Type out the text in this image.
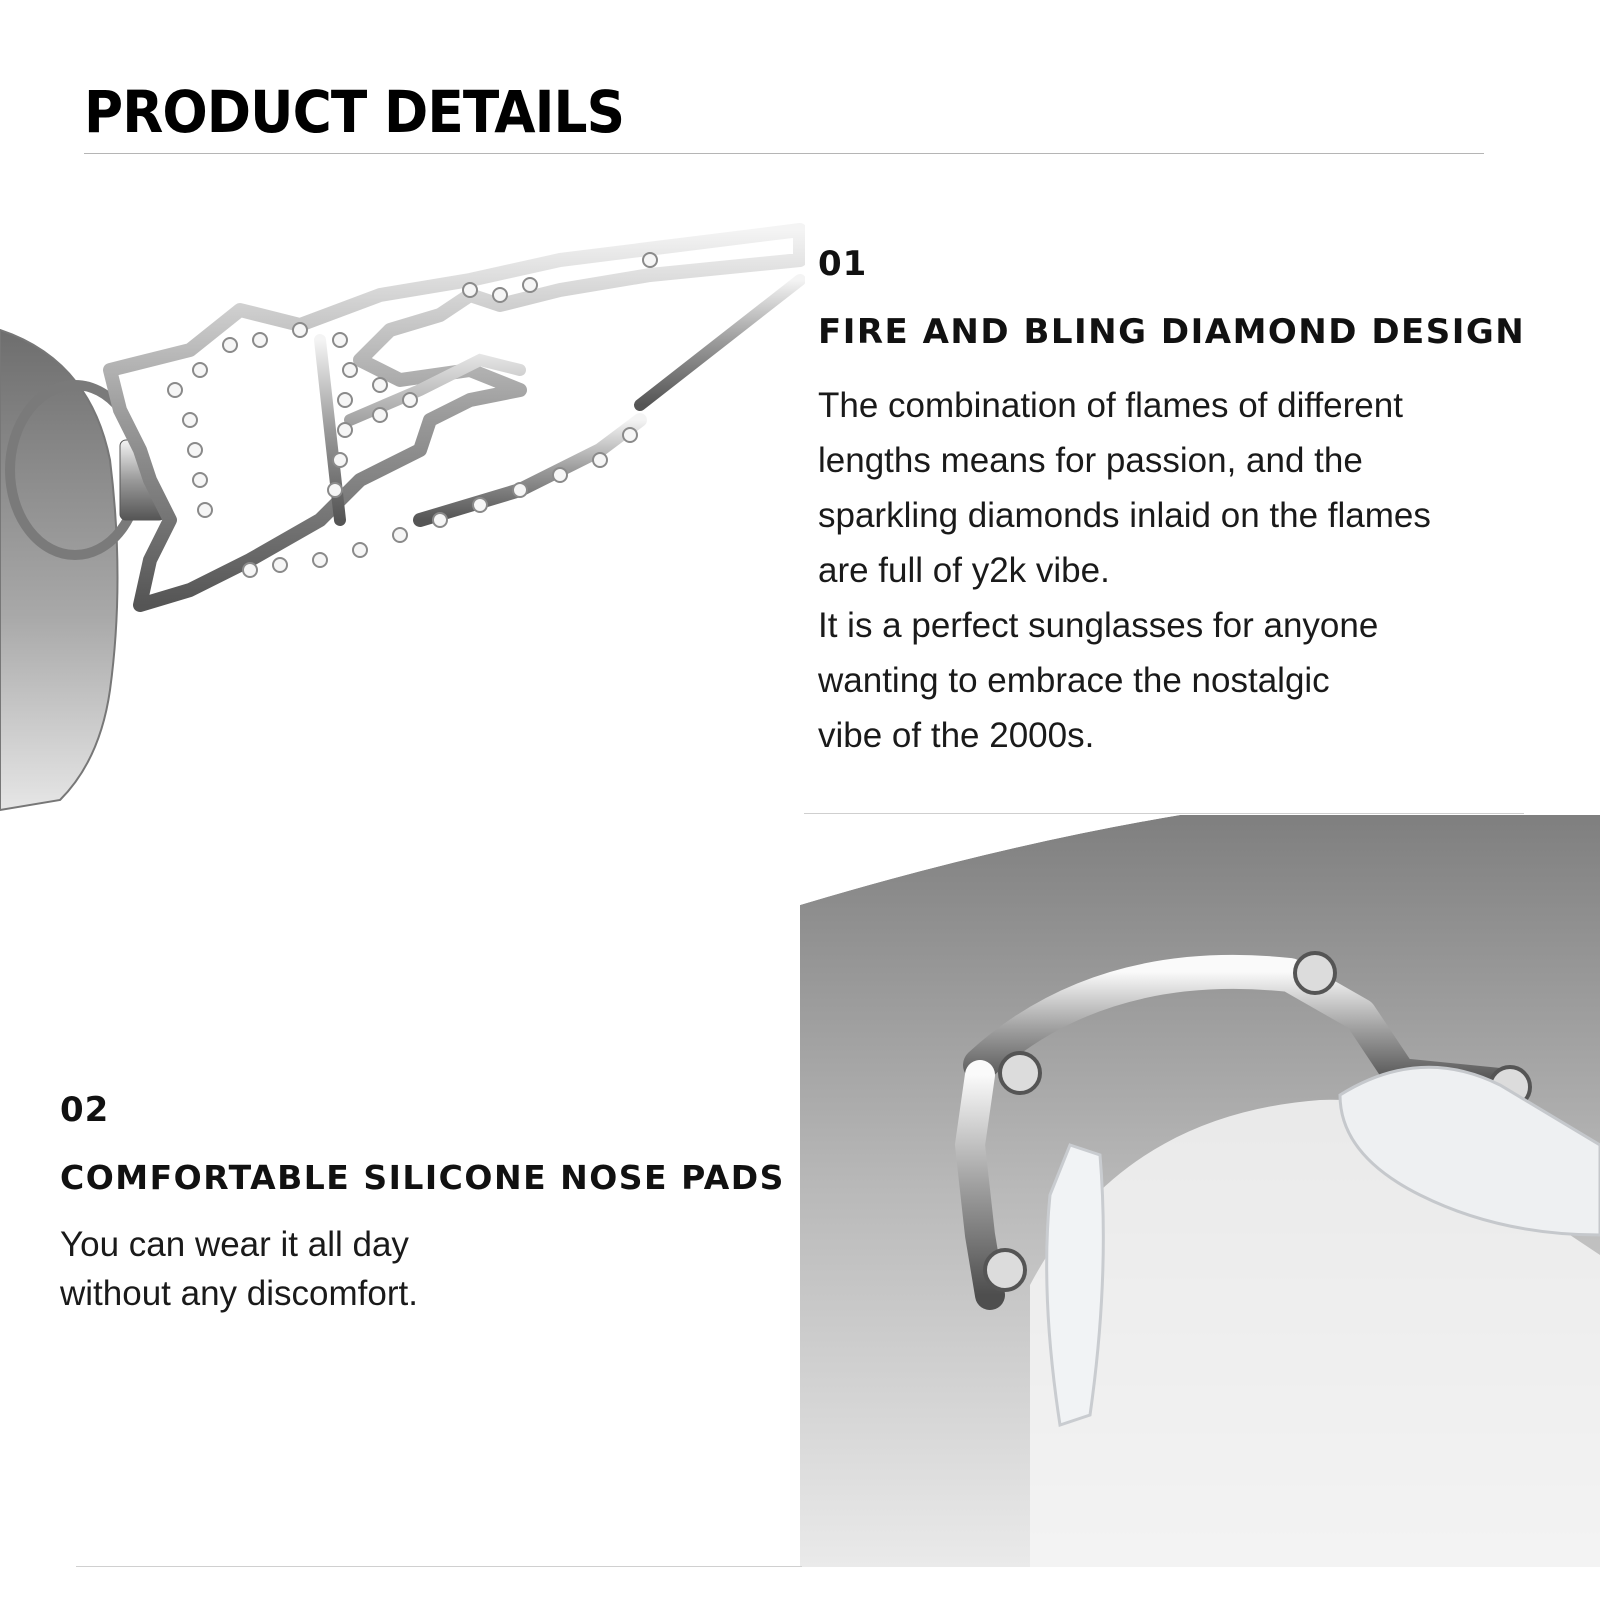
PRODUCT DETAILS
01
FIRE AND BLING DIAMOND DESIGN
The combination of flames of different
lengths means for passion, and the
sparkling diamonds inlaid on the flames
are full of y2k vibe.
It is a perfect sunglasses for anyone
wanting to embrace the nostalgic
vibe of the 2000s.
02
COMFORTABLE SILICONE NOSE PADS
You can wear it all day
without any discomfort.
